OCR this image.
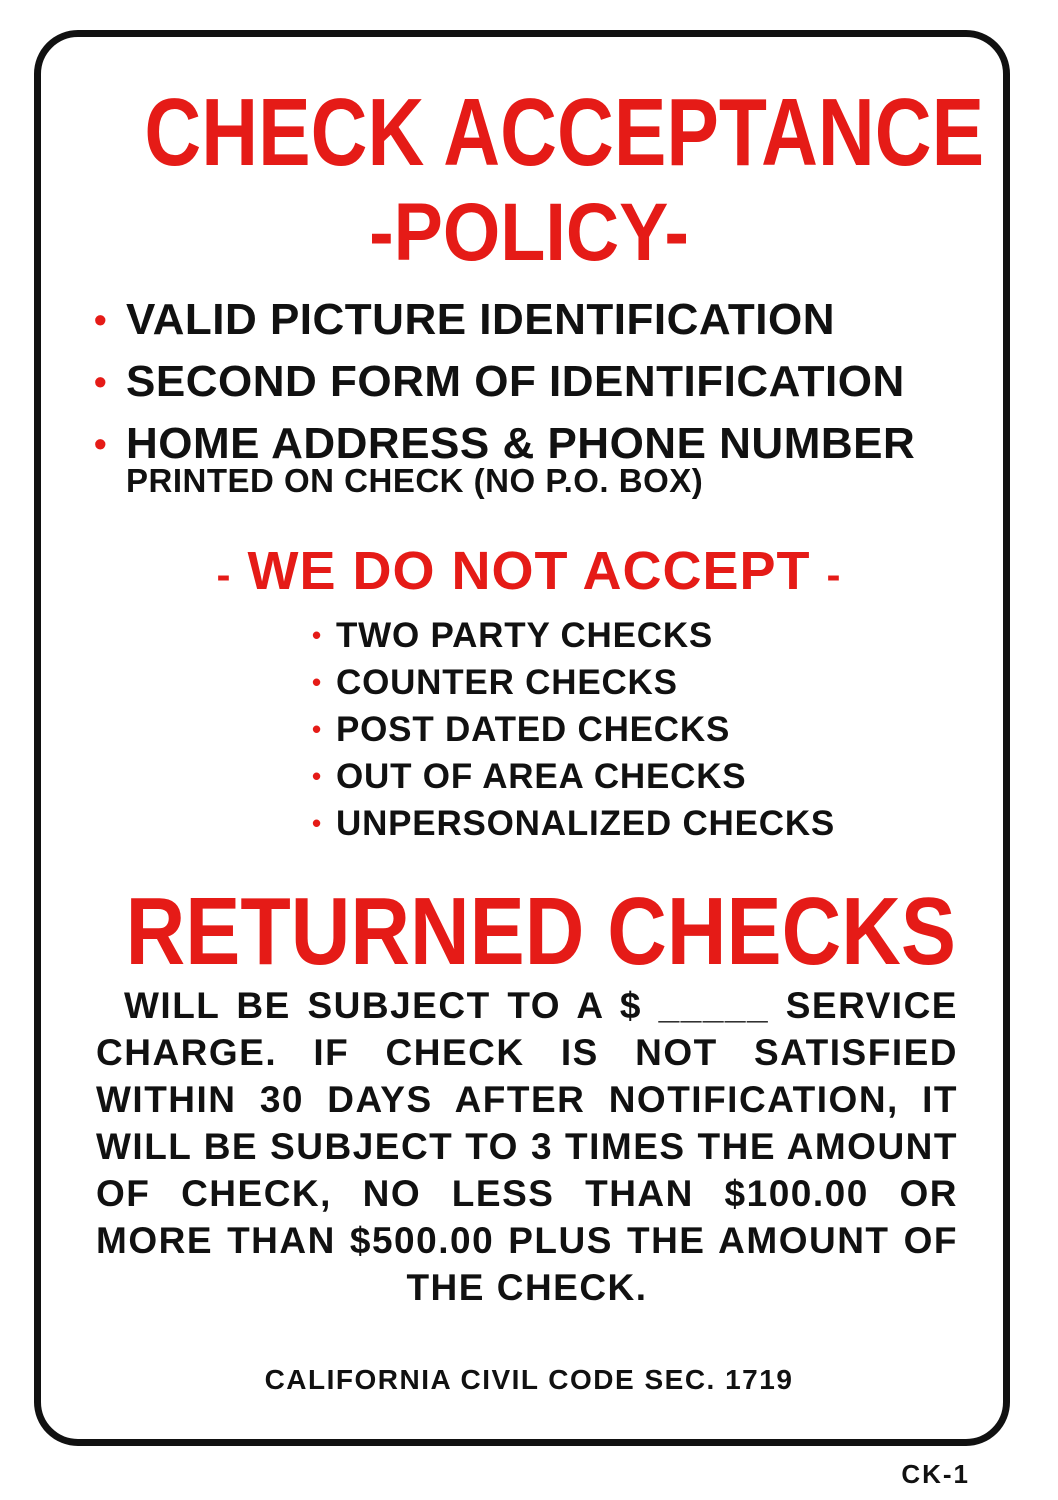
CHECK ACCEPTANCE
-POLICY-
• VALID PICTURE IDENTIFICATION
• SECOND FORM OF IDENTIFICATION
• HOME ADDRESS & PHONE NUMBER
PRINTED ON CHECK (NO P.O. BOX)
- WE DO NOT ACCEPT -
• TWO PARTY CHECKS
• COUNTER CHECKS
• POST DATED CHECKS
• OUT OF AREA CHECKS
• UNPERSONALIZED CHECKS
RETURNED CHECKS

WILL BE SUBJECT TO A $ _____ SERVICE CHARGE. IF CHECK IS NOT SATISFIED WITHIN 30 DAYS AFTER NOTIFICATION, IT WILL BE SUBJECT TO 3 TIMES THE AMOUNT OF CHECK, NO LESS THAN $100.00 OR MORE THAN $500.00 PLUS THE AMOUNT OF THE CHECK.

CALIFORNIA CIVIL CODE SEC. 1719

CK-1
